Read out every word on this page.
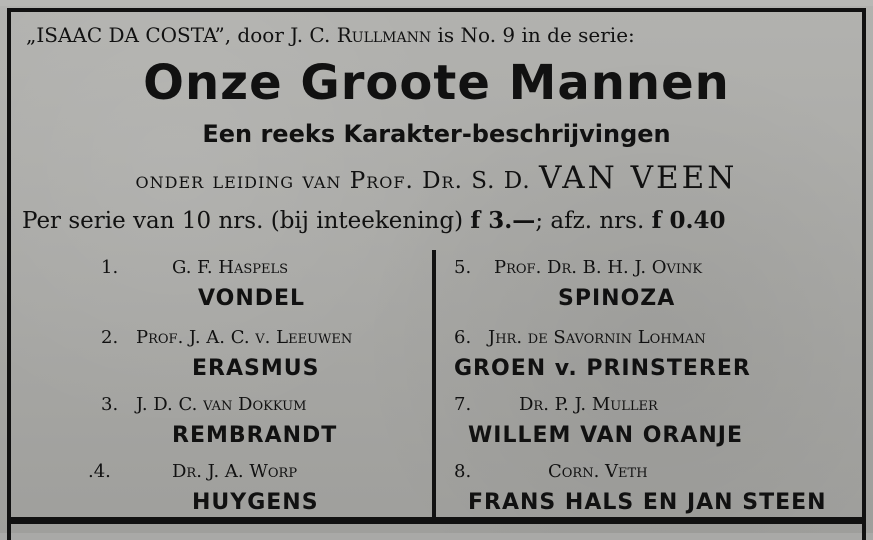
„ISAAC DA COSTA”, door J. C. Rullmann is No. 9 in de serie:
Onze Groote Mannen
Een reeks Karakter-beschrijvingen
onder leiding van Prof. Dr. S. D. VAN VEEN
Per serie van 10 nrs. (bij inteekening) f 3.—; afz. nrs. f 0.40
1.	G. F. Haspels
VONDEL
2. Prof. J. A. C. v. Leeuwen
ERASMUS
3. J. D. C. van Dokkum
REMBRANDT
.4.	Dr. J. A. Worp
HUYGENS
5. Prof. Dr. B. H. J. Ovink
SPINOZA
6. Jhr. de Savornin Lohman
GROEN v. PRINSTERER
7.	Dr. P. J. Muller
WILLEM VAN ORANJE
8.	Corn. Veth
FRANS HALS EN JAN STEEN
